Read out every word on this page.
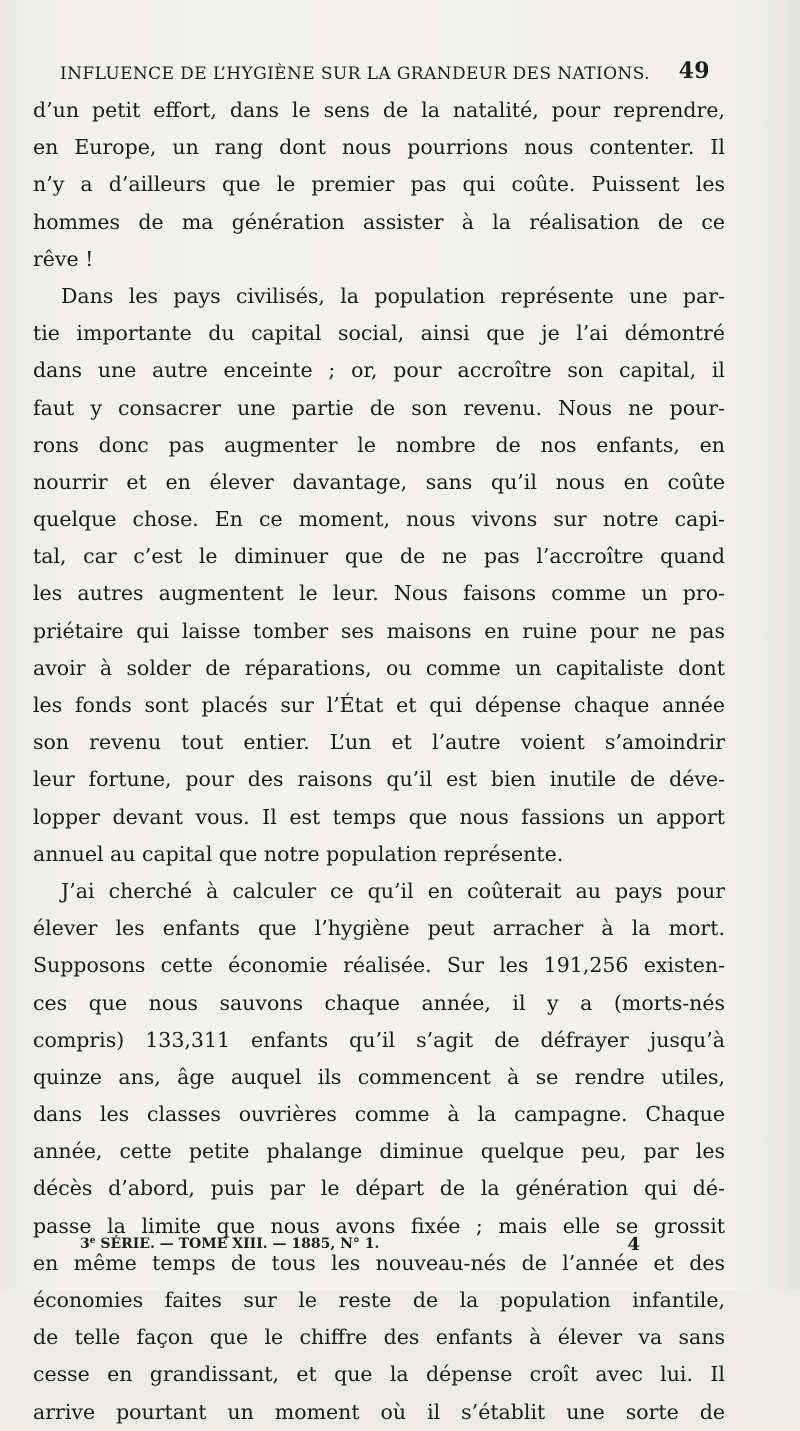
INFLUENCE DE L’HYGIÈNE SUR LA GRANDEUR DES NATIONS. 49
d’un petit effort, dans le sens de la natalité, pour reprendre,
en Europe, un rang dont nous pourrions nous contenter. Il
n’y a d’ailleurs que le premier pas qui coûte. Puissent les
hommes de ma génération assister à la réalisation de ce
rêve !
Dans les pays civilisés, la population représente une par-
tie importante du capital social, ainsi que je l’ai démontré
dans une autre enceinte ; or, pour accroître son capital, il
faut y consacrer une partie de son revenu. Nous ne pour-
rons donc pas augmenter le nombre de nos enfants, en
nourrir et en élever davantage, sans qu’il nous en coûte
quelque chose. En ce moment, nous vivons sur notre capi-
tal, car c’est le diminuer que de ne pas l’accroître quand
les autres augmentent le leur. Nous faisons comme un pro-
priétaire qui laisse tomber ses maisons en ruine pour ne pas
avoir à solder de réparations, ou comme un capitaliste dont
les fonds sont placés sur l’État et qui dépense chaque année
son revenu tout entier. L’un et l’autre voient s’amoindrir
leur fortune, pour des raisons qu’il est bien inutile de déve-
lopper devant vous. Il est temps que nous fassions un apport
annuel au capital que notre population représente.
J’ai cherché à calculer ce qu’il en coûterait au pays pour
élever les enfants que l’hygiène peut arracher à la mort.
Supposons cette économie réalisée. Sur les 191,256 existen-
ces que nous sauvons chaque année, il y a (morts-nés
compris) 133,311 enfants qu’il s’agit de défrayer jusqu’à
quinze ans, âge auquel ils commencent à se rendre utiles,
dans les classes ouvrières comme à la campagne. Chaque
année, cette petite phalange diminue quelque peu, par les
décès d’abord, puis par le départ de la génération qui dé-
passe la limite que nous avons fixée ; mais elle se grossit
en même temps de tous les nouveau-nés de l’année et des
économies faites sur le reste de la population infantile,
de telle façon que le chiffre des enfants à élever va sans
cesse en grandissant, et que la dépense croît avec lui. Il
arrive pourtant un moment où il s’établit une sorte de
3e SÉRIE. — TOME XIII. — 1885, N° 1.	4
